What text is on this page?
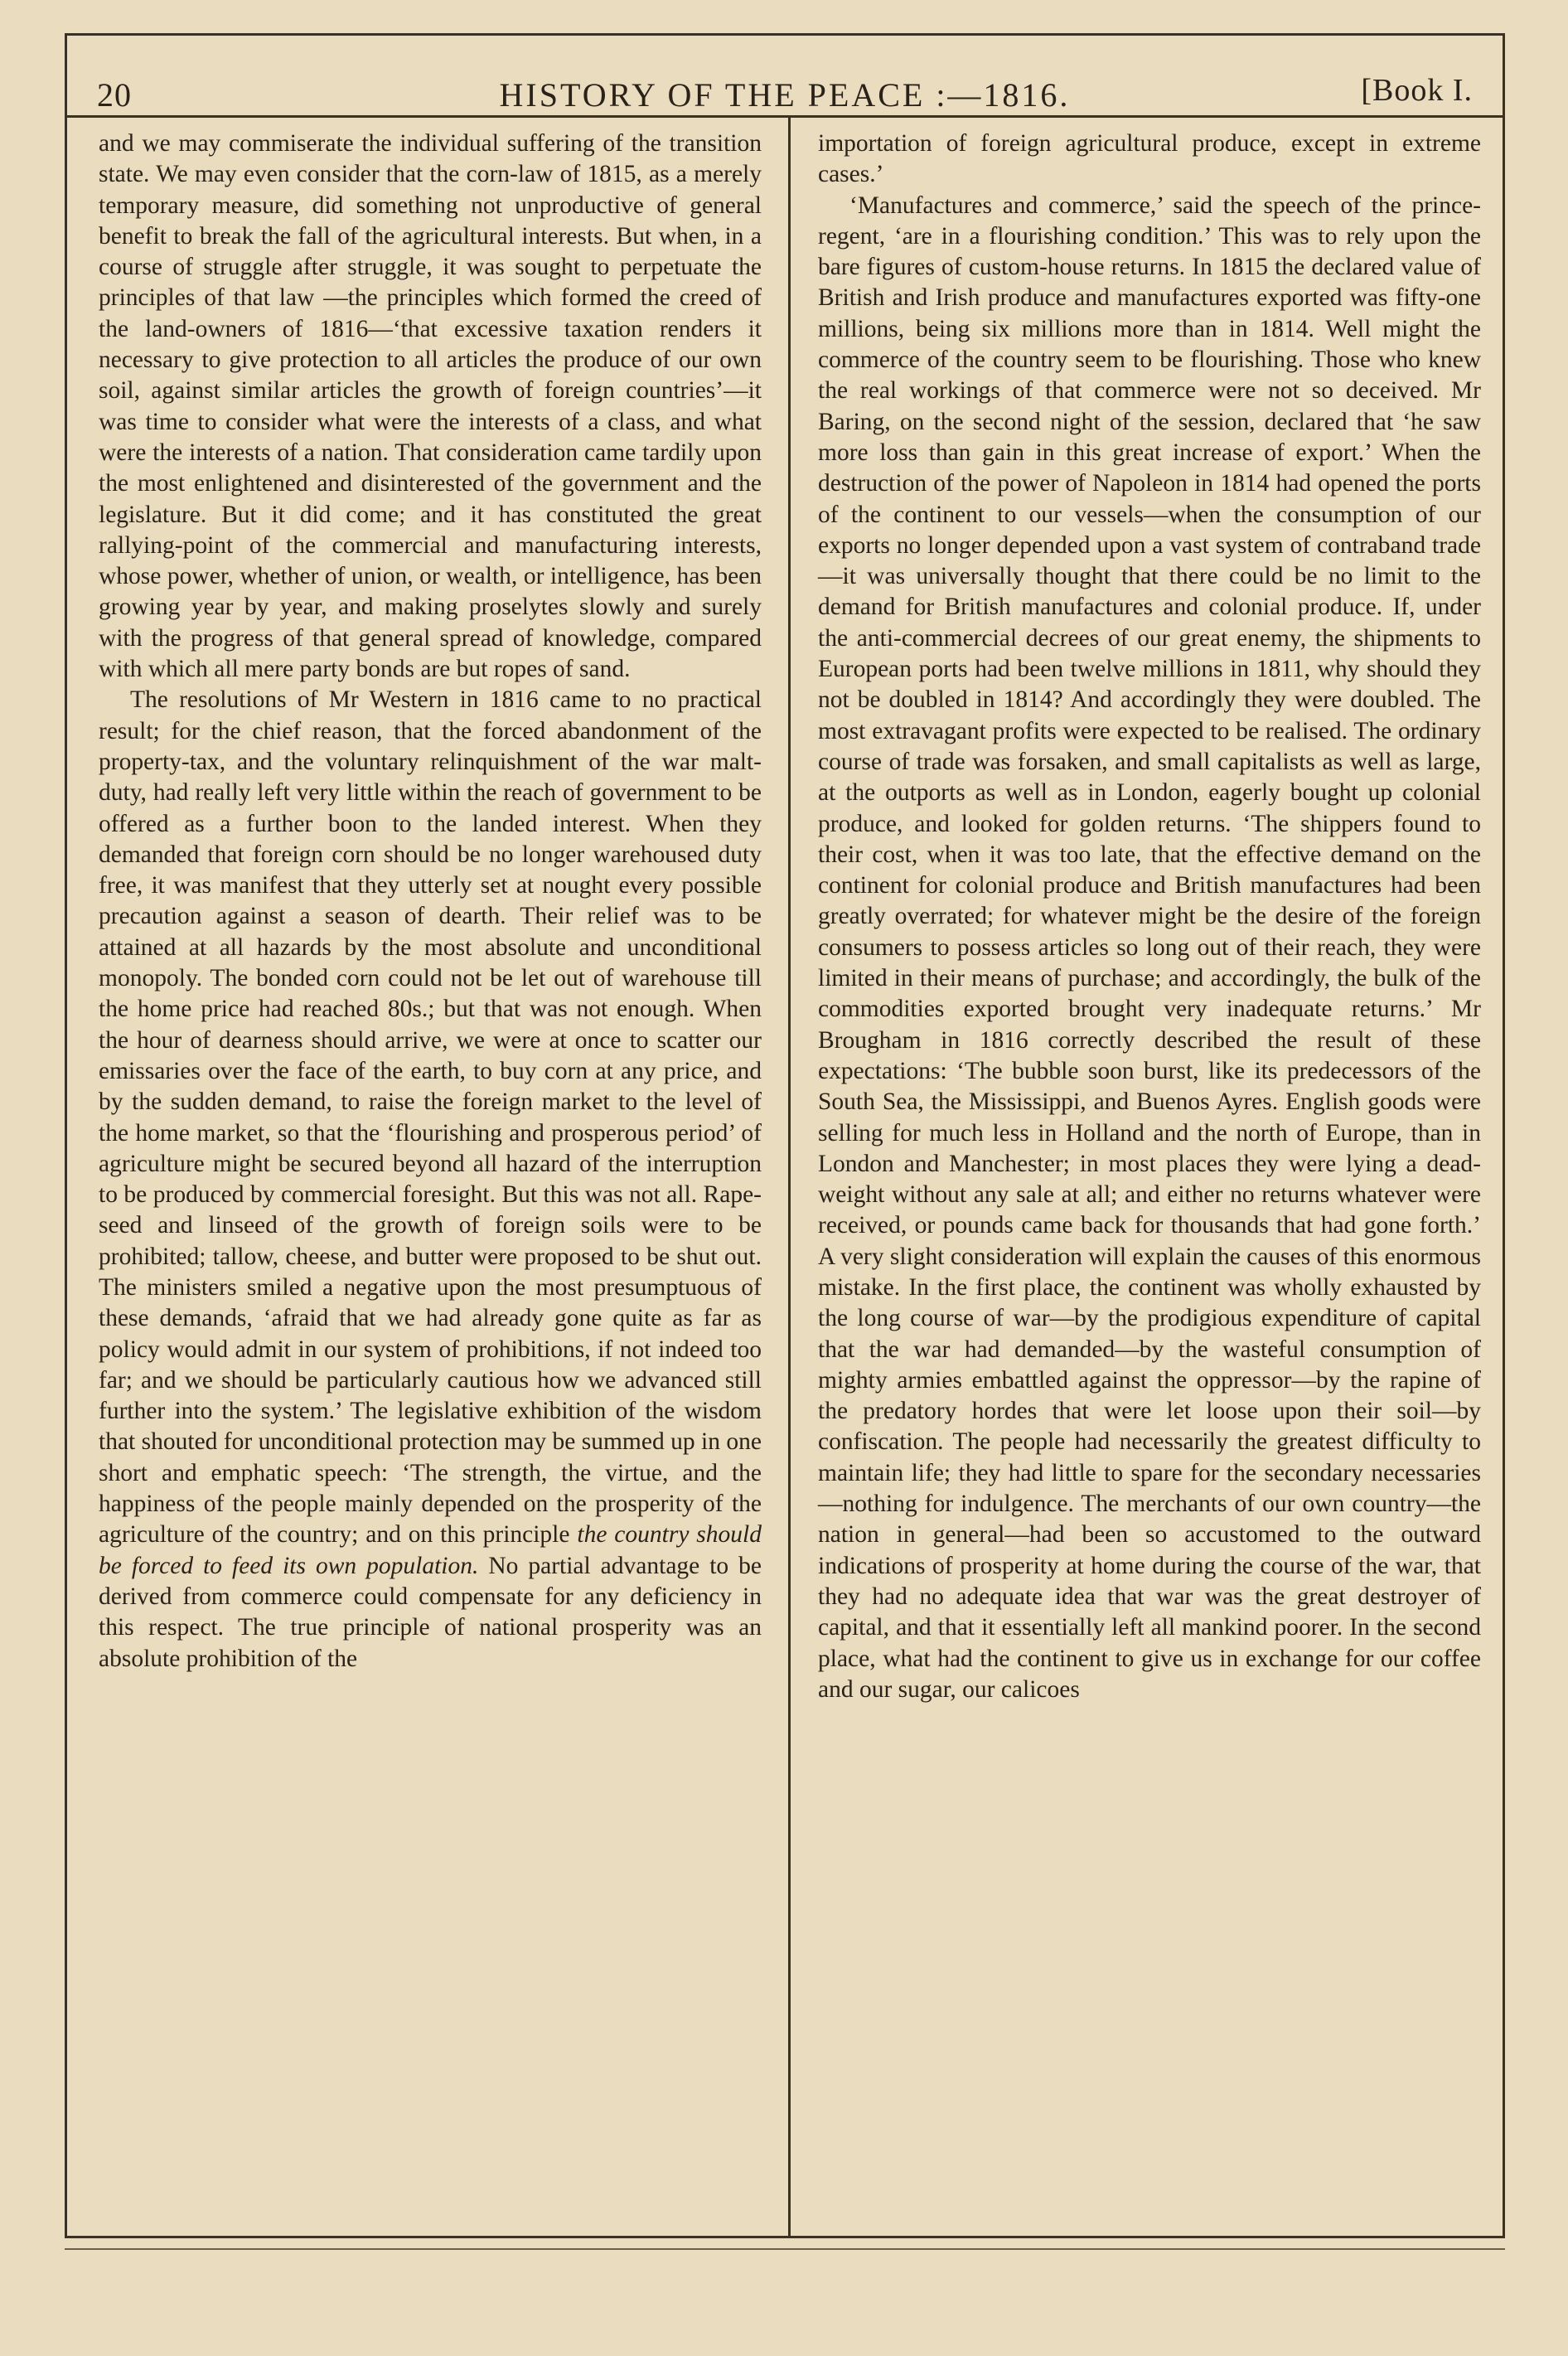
20	HISTORY OF THE PEACE :—1816.	[Book I.

and we may commiserate the individual suffering of the transition state. We may even consider that the corn-law of 1815, as a merely temporary measure, did something not unproductive of general benefit to break the fall of the agricultural interests. But when, in a course of struggle after struggle, it was sought to perpetuate the principles of that law —the principles which formed the creed of the land-owners of 1816—‘that excessive taxation renders it necessary to give protection to all articles the produce of our own soil, against similar articles the growth of foreign countries’—it was time to consider what were the interests of a class, and what were the interests of a nation. That consideration came tardily upon the most enlightened and disinterested of the government and the legislature. But it did come; and it has constituted the great rallying-point of the commercial and manufacturing interests, whose power, whether of union, or wealth, or intelligence, has been growing year by year, and making proselytes slowly and surely with the progress of that general spread of knowledge, compared with which all mere party bonds are but ropes of sand.

The resolutions of Mr Western in 1816 came to no practical result; for the chief reason, that the forced abandonment of the property-tax, and the voluntary relinquishment of the war malt-duty, had really left very little within the reach of government to be offered as a further boon to the landed interest. When they demanded that foreign corn should be no longer warehoused duty free, it was manifest that they utterly set at nought every possible precaution against a season of dearth. Their relief was to be attained at all hazards by the most absolute and unconditional monopoly. The bonded corn could not be let out of warehouse till the home price had reached 80s.; but that was not enough. When the hour of dearness should arrive, we were at once to scatter our emissaries over the face of the earth, to buy corn at any price, and by the sudden demand, to raise the foreign market to the level of the home market, so that the ‘flourishing and prosperous period’ of agriculture might be secured beyond all hazard of the interruption to be produced by commercial foresight. But this was not all. Rape-seed and linseed of the growth of foreign soils were to be prohibited; tallow, cheese, and butter were proposed to be shut out. The ministers smiled a negative upon the most presumptuous of these demands, ‘afraid that we had already gone quite as far as policy would admit in our system of prohibitions, if not indeed too far; and we should be particularly cautious how we advanced still further into the system.’ The legislative exhibition of the wisdom that shouted for unconditional protection may be summed up in one short and emphatic speech: ‘The strength, the virtue, and the happiness of the people mainly depended on the prosperity of the agriculture of the country; and on this principle the country should be forced to feed its own population. No partial advantage to be derived from commerce could compensate for any deficiency in this respect. The true principle of national prosperity was an absolute prohibition of the

importation of foreign agricultural produce, except in extreme cases.’

‘Manufactures and commerce,’ said the speech of the prince-regent, ‘are in a flourishing condition.’ This was to rely upon the bare figures of custom-house returns. In 1815 the declared value of British and Irish produce and manufactures exported was fifty-one millions, being six millions more than in 1814. Well might the commerce of the country seem to be flourishing. Those who knew the real workings of that commerce were not so deceived. Mr Baring, on the second night of the session, declared that ‘he saw more loss than gain in this great increase of export.’ When the destruction of the power of Napoleon in 1814 had opened the ports of the continent to our vessels—when the consumption of our exports no longer depended upon a vast system of contraband trade—it was universally thought that there could be no limit to the demand for British manufactures and colonial produce. If, under the anti-commercial decrees of our great enemy, the shipments to European ports had been twelve millions in 1811, why should they not be doubled in 1814? And accordingly they were doubled. The most extravagant profits were expected to be realised. The ordinary course of trade was forsaken, and small capitalists as well as large, at the outports as well as in London, eagerly bought up colonial produce, and looked for golden returns. ‘The shippers found to their cost, when it was too late, that the effective demand on the continent for colonial produce and British manufactures had been greatly overrated; for whatever might be the desire of the foreign consumers to possess articles so long out of their reach, they were limited in their means of purchase; and accordingly, the bulk of the commodities exported brought very inadequate returns.’ Mr Brougham in 1816 correctly described the result of these expectations: ‘The bubble soon burst, like its predecessors of the South Sea, the Mississippi, and Buenos Ayres. English goods were selling for much less in Holland and the north of Europe, than in London and Manchester; in most places they were lying a dead-weight without any sale at all; and either no returns whatever were received, or pounds came back for thousands that had gone forth.’ A very slight consideration will explain the causes of this enormous mistake. In the first place, the continent was wholly exhausted by the long course of war—by the prodigious expenditure of capital that the war had demanded—by the wasteful consumption of mighty armies embattled against the oppressor—by the rapine of the predatory hordes that were let loose upon their soil—by confiscation. The people had necessarily the greatest difficulty to maintain life; they had little to spare for the secondary necessaries—nothing for indulgence. The merchants of our own country—the nation in general—had been so accustomed to the outward indications of prosperity at home during the course of the war, that they had no adequate idea that war was the great destroyer of capital, and that it essentially left all mankind poorer. In the second place, what had the continent to give us in exchange for our coffee and our sugar, our calicoes
